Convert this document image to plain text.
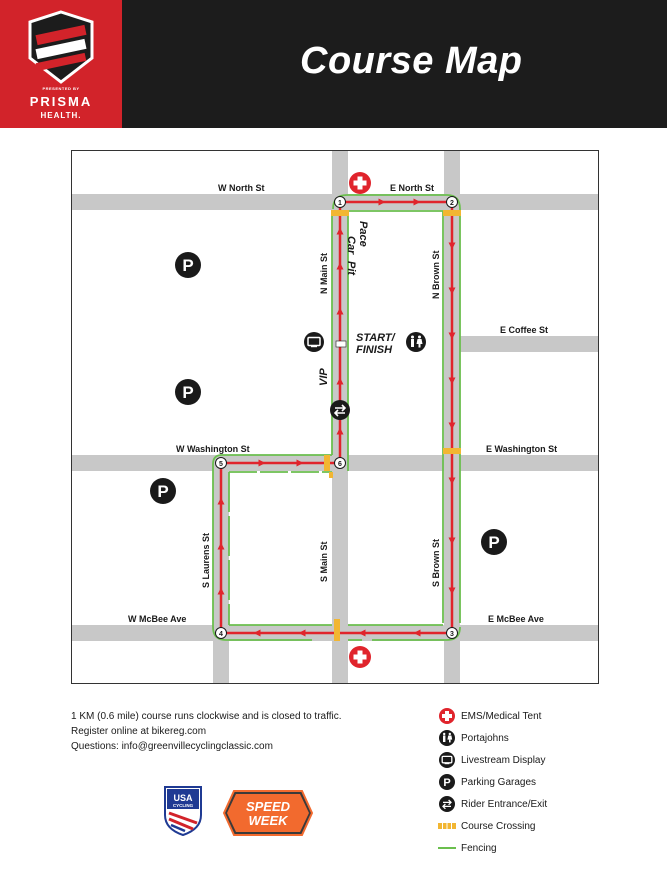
PRESENTED BY
PRISMA
HEALTH.
Course Map
1	2
3
4
5	6
W North St	E North St
N Main St	N Brown St
E Coffee St
W Washington St	E Washington St
S Laurens St	S Main St	S Brown St
W McBee Ave	E McBee Ave
Pace
Car
Pit
START/
FINISH
VIP
P
P
P
P
1 KM (0.6 mile) course runs clockwise and is closed to traffic.
Register online at bikereg.com
Questions: info@greenvillecyclingclassic.com
EMS/Medical Tent
Portajohns
Livestream Display
P Parking Garages
Rider Entrance/Exit
Course Crossing
Fencing
USA
CYCLING	SPEED
WEEK
